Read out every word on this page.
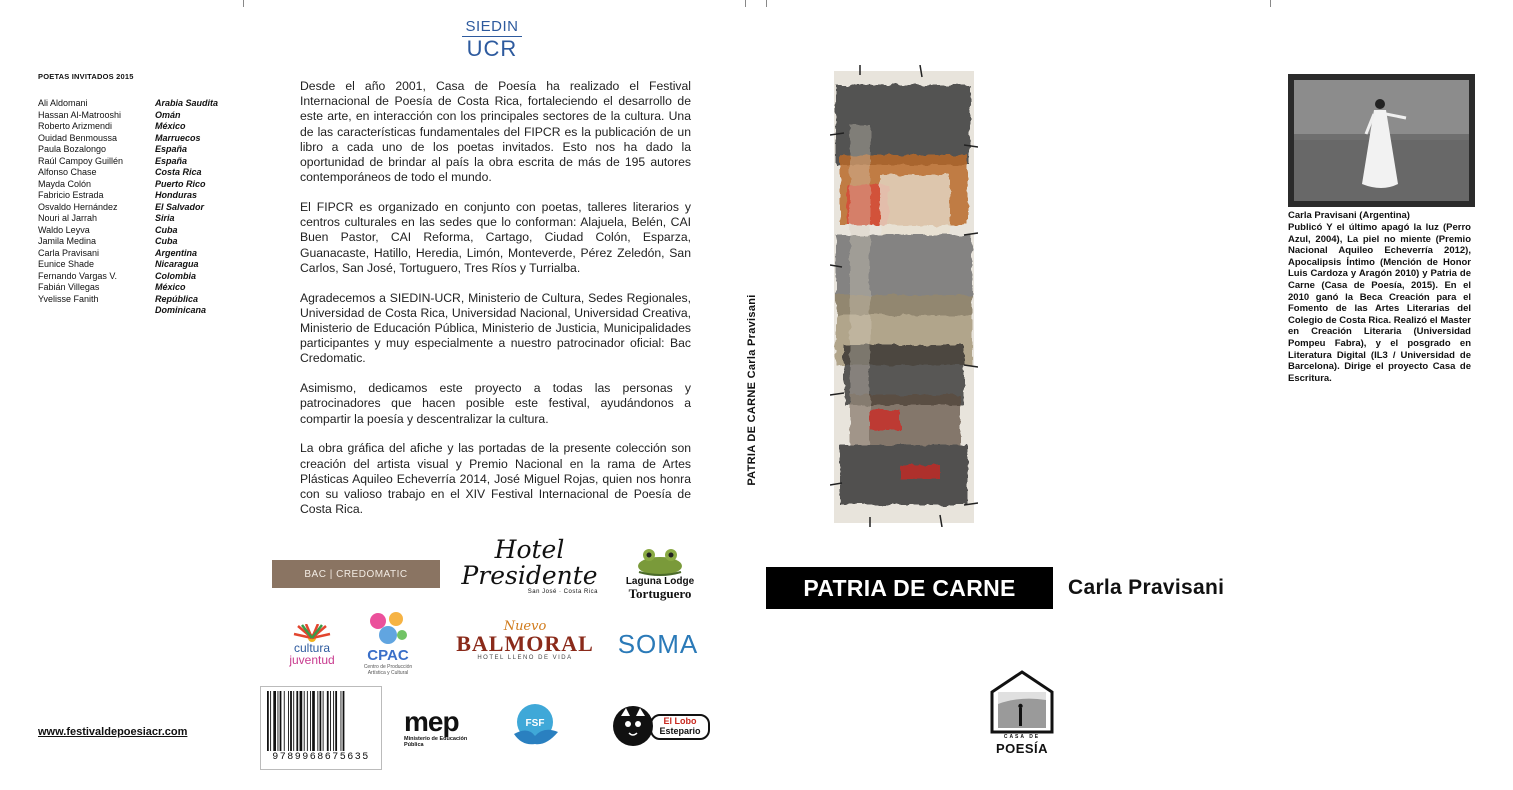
POETAS INVITADOS 2015
Ali Aldomani	Arabia Saudita
Hassan Al-Matrooshi	Omán
Roberto Arizmendi	México
Ouidad Benmoussa	Marruecos
Paula Bozalongo	España
Raúl Campoy Guillén	España
Alfonso Chase	Costa Rica
Mayda Colón	Puerto Rico
Fabricio Estrada	Honduras
Osvaldo Hernández	El Salvador
Nouri al Jarrah	Siria
Waldo Leyva	Cuba
Jamila Medina	Cuba
Carla Pravisani	Argentina
Eunice Shade	Nicaragua
Fernando Vargas V.	Colombia
Fabián Villegas	México
Yvelisse Fanith	República
Dominicana
www.festivaldepoesiacr.com
SIEDIN
UCR

Desde el año 2001, Casa de Poesía ha realizado el Festival Internacional de Poesía de Costa Rica, fortaleciendo el desarrollo de este arte, en interacción con los principales sectores de la cultura. Una de las características fundamentales del FIPCR es la publicación de un libro a cada uno de los poetas invitados. Esto nos ha dado la oportunidad de brindar al país la obra escrita de más de 195 autores contemporáneos de todo el mundo.

El FIPCR es organizado en conjunto con poetas, talleres literarios y centros culturales en las sedes que lo conforman: Alajuela, Belén, CAI Buen Pastor, CAI Reforma, Cartago, Ciudad Colón, Esparza, Guanacaste, Hatillo, Heredia, Limón, Monteverde, Pérez Zeledón, San Carlos, San José, Tortuguero, Tres Ríos y Turrialba.

Agradecemos a SIEDIN-UCR, Ministerio de Cultura, Sedes Regionales, Universidad de Costa Rica, Universidad Nacional, Universidad Creativa, Ministerio de Educación Pública, Ministerio de Justicia, Municipalidades participantes y muy especialmente a nuestro patrocinador oficial: Bac Credomatic.

Asimismo, dedicamos este proyecto a todas las personas y patrocinadores que hacen posible este festival, ayudándonos a compartir la poesía y descentralizar la cultura.

La obra gráfica del afiche y las portadas de la presente colección son creación del artista visual y Premio Nacional en la rama de Artes Plásticas Aquileo Echeverría 2014, José Miguel Rojas, quien nos honra con su valioso trabajo en el XIV Festival Internacional de Poesía de Costa Rica.

BAC | CREDOMATIC
Hotel Presidente
San José · Costa Rica
Laguna Lodge
Tortuguero
cultura
juventud CPAC
Centro de Producción Artística y Cultural
Nuevo
BALMORAL
HOTEL LLENO DE VIDA SOMA
9789968675635
mep
Ministerio de Educación Pública
FSF	El Lobo
Estepario
PATRIA DE CARNE Carla Pravisani
PATRIA DE CARNE Carla Pravisani
CASA DE
POESÍA
Carla Pravisani (Argentina)
Publicó Y el último apagó la luz (Perro Azul, 2004), La piel no miente (Premio Nacional Aquileo Echeverría 2012), Apocalipsis Íntimo (Mención de Honor Luis Cardoza y Aragón 2010) y Patria de Carne (Casa de Poesía, 2015). En el 2010 ganó la Beca Creación para el Fomento de las Artes Literarias del Colegio de Costa Rica. Realizó el Master en Creación Literaria (Universidad Pompeu Fabra), y el posgrado en Literatura Digital (IL3 / Universidad de Barcelona). Dirige el proyecto Casa de Escritura.
